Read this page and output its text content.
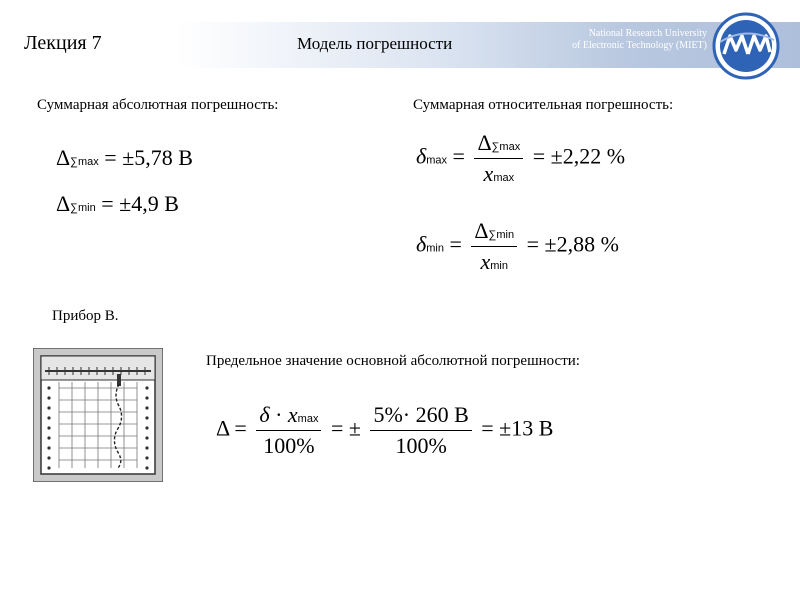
Лекция 7	Модель погрешности
National Research University
of Electronic Technology (MIET)
Суммарная абсолютная погрешность:
Δ∑max = ±5,78 В
Δ∑min = ±4,9 В
Суммарная относительная погрешность:
$\delta\max = \frac{\Delta\sum\max}{xmax} = \pm 2,22$ %
$\delta\min = \frac{\Delta\sum\min}{xmin} = \pm 2,88$ %
Прибор В.
Предельное значение основной абсолютной погрешности:
$\Delta = \frac{\delta \cdot xmax}{100\%}$ = ± $\frac{5\%\cdot 260 В}{100\%} = \pm 13$ В
